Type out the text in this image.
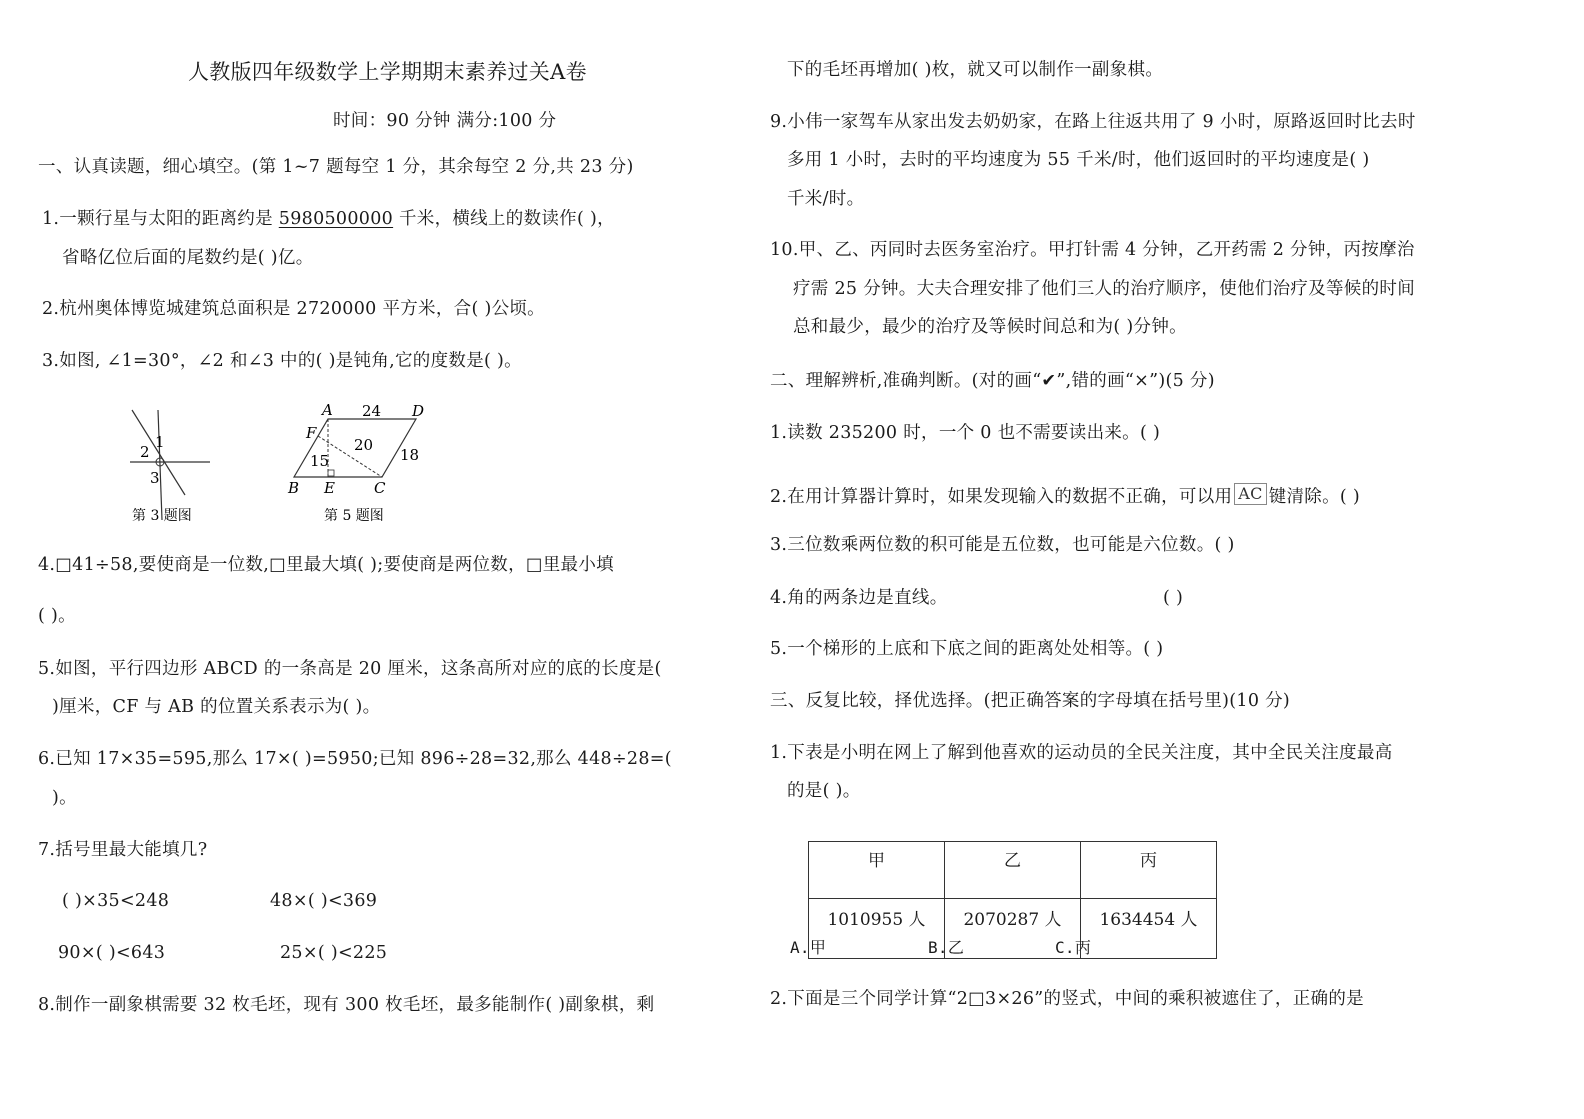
人教版四年级数学上学期期末素养过关A卷
时间：90 分钟 满分:100 分
一、认真读题，细心填空。(第 1~7 题每空 1 分，其余每空 2 分,共 23 分)
1.一颗行星与太阳的距离约是 5980500000 千米，横线上的数读作( )，
省略亿位后面的尾数约是( )亿。
2.杭州奥体博览城建筑总面积是 2720000 平方米，合( )公顷。
3.如图, ∠1=30°，∠2 和∠3 中的( )是钝角,它的度数是( )。
1
2
3
第 3 题图
A 24 D
F
20
18
15
B E	C
第 5 题图
4.□41÷58,要使商是一位数,□里最大填( );要使商是两位数，□里最小填
( )。
5.如图，平行四边形 ABCD 的一条高是 20 厘米，这条高所对应的底的长度是(
)厘米，CF 与 AB 的位置关系表示为( )。
6.已知 17×35=595,那么 17×( )=5950;已知 896÷28=32,那么 448÷28=(
)。
7.括号里最大能填几?
( )×35<248	48×( )<369
90×( )<643	25×( )<225
8.制作一副象棋需要 32 枚毛坯，现有 300 枚毛坯，最多能制作( )副象棋，剩
下的毛坯再增加( )枚，就又可以制作一副象棋。
9.小伟一家驾车从家出发去奶奶家，在路上往返共用了 9 小时，原路返回时比去时
多用 1 小时，去时的平均速度为 55 千米/时，他们返回时的平均速度是( )
千米/时。
10.甲、乙、丙同时去医务室治疗。甲打针需 4 分钟，乙开药需 2 分钟，丙按摩治
疗需 25 分钟。大夫合理安排了他们三人的治疗顺序，使他们治疗及等候的时间
总和最少，最少的治疗及等候时间总和为( )分钟。
二、理解辨析,准确判断。(对的画“✔”,错的画“×”)(5 分)
1.读数 235200 时，一个 0 也不需要读出来。( )
2.在用计算器计算时，如果发现输入的数据不正确，可以用 AC 键清除。( )
3.三位数乘两位数的积可能是五位数，也可能是六位数。( )
4.角的两条边是直线。	( )
5.一个梯形的上底和下底之间的距离处处相等。( )
三、反复比较，择优选择。(把正确答案的字母填在括号里)(10 分)
1.下表是小明在网上了解到他喜欢的运动员的全民关注度，其中全民关注度最高
的是( )。
甲	乙	丙
1010955 人	2070287 人	1634454 人
A.甲	B.乙	C.丙
2.下面是三个同学计算“2□3×26”的竖式，中间的乘积被遮住了，正确的是
